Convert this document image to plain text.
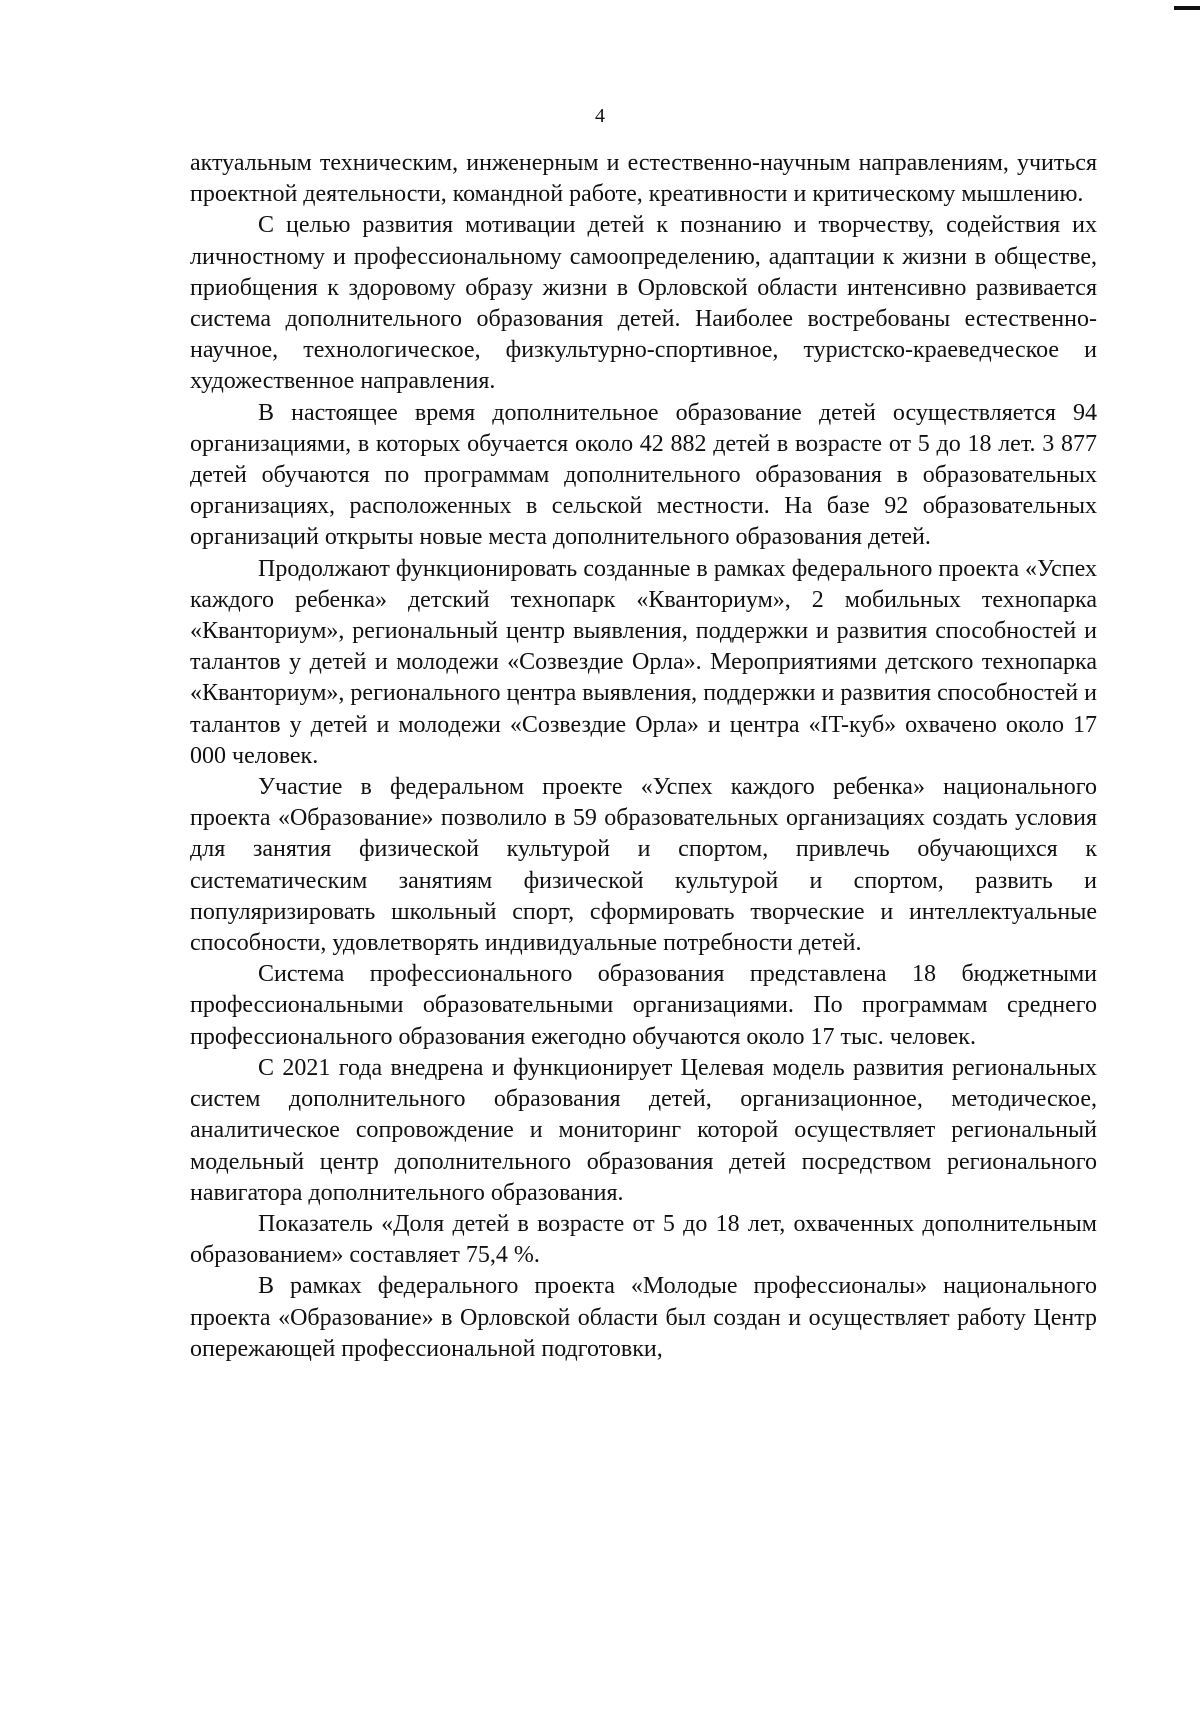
4

актуальным техническим, инженерным и естественно-научным направлениям, учиться проектной деятельности, командной работе, креативности и критическому мышлению.

С целью развития мотивации детей к познанию и творчеству, содействия их личностному и профессиональному самоопределению, адаптации к жизни в обществе, приобщения к здоровому образу жизни в Орловской области интенсивно развивается система дополнительного образования детей. Наиболее востребованы естественно-научное, технологическое, физкультурно-спортивное, туристско-краеведческое и художественное направления.

В настоящее время дополнительное образование детей осуществляется 94 организациями, в которых обучается около 42 882 детей в возрасте от 5 до 18 лет. 3 877 детей обучаются по программам дополнительного образования в образовательных организациях, расположенных в сельской местности. На базе 92 образовательных организаций открыты новые места дополнительного образования детей.

Продолжают функционировать созданные в рамках федерального проекта «Успех каждого ребенка» детский технопарк «Кванториум», 2 мобильных технопарка «Кванториум», региональный центр выявления, поддержки и развития способностей и талантов у детей и молодежи «Созвездие Орла». Мероприятиями детского технопарка «Кванториум», регионального центра выявления, поддержки и развития способностей и талантов у детей и молодежи «Созвездие Орла» и центра «IT-куб» охвачено около 17 000 человек.

Участие в федеральном проекте «Успех каждого ребенка» национального проекта «Образование» позволило в 59 образовательных организациях создать условия для занятия физической культурой и спортом, привлечь обучающихся к систематическим занятиям физической культурой и спортом, развить и популяризировать школьный спорт, сформировать творческие и интеллектуальные способности, удовлетворять индивидуальные потребности детей.

Система профессионального образования представлена 18 бюджетными профессиональными образовательными организациями. По программам среднего профессионального образования ежегодно обучаются около 17 тыс. человек.

С 2021 года внедрена и функционирует Целевая модель развития региональных систем дополнительного образования детей, организационное, методическое, аналитическое сопровождение и мониторинг которой осуществляет региональный модельный центр дополнительного образования детей посредством регионального навигатора дополнительного образования.

Показатель «Доля детей в возрасте от 5 до 18 лет, охваченных дополнительным образованием» составляет 75,4 %.

В рамках федерального проекта «Молодые профессионалы» национального проекта «Образование» в Орловской области был создан и осуществляет работу Центр опережающей профессиональной подготовки,
